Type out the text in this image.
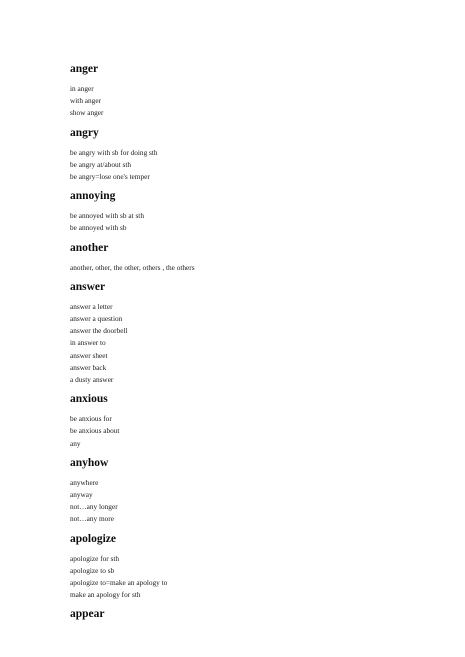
anger
in anger
with anger
show anger
angry
be angry with sb for doing sth
be angry at/about sth
be angry=lose one's temper
annoying
be annoyed with sb at sth
be annoyed with sb
another
another, other, the other, others , the others
answer
answer a letter
answer a question
answer the doorbell
in answer to
answer sheet
answer back
a dusty answer
anxious
be anxious for
be anxious about
any
anyhow
anywhere
anyway
not…any longer
not…any more
apologize
apologize for sth
apologize to sb
apologize to=make an apology to
make an apology for sth
appear
